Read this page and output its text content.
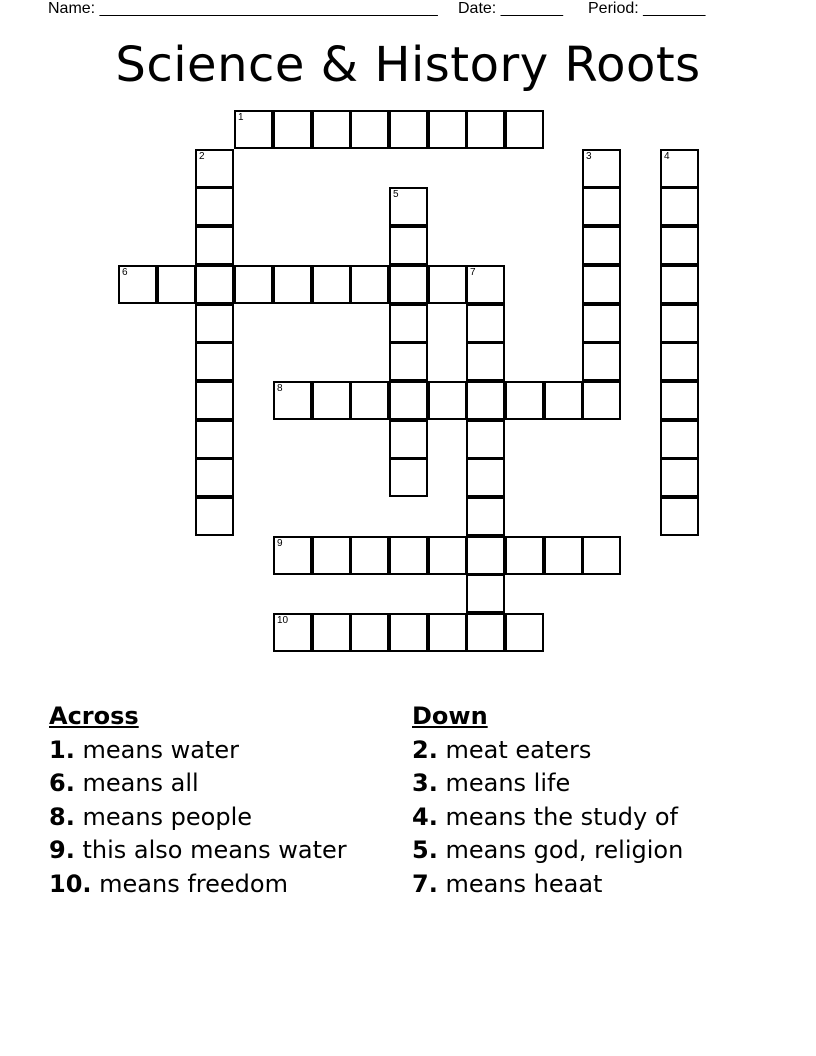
Name: ______________________________________ Date: _______ Period: _______
Science & History Roots
1
6	7
8
9
10
2	3	4
5
Across
1. means water
6. means all
8. means people
9. this also means water
10. means freedom
Down
2. meat eaters
3. means life
4. means the study of
5. means god, religion
7. means heaat
